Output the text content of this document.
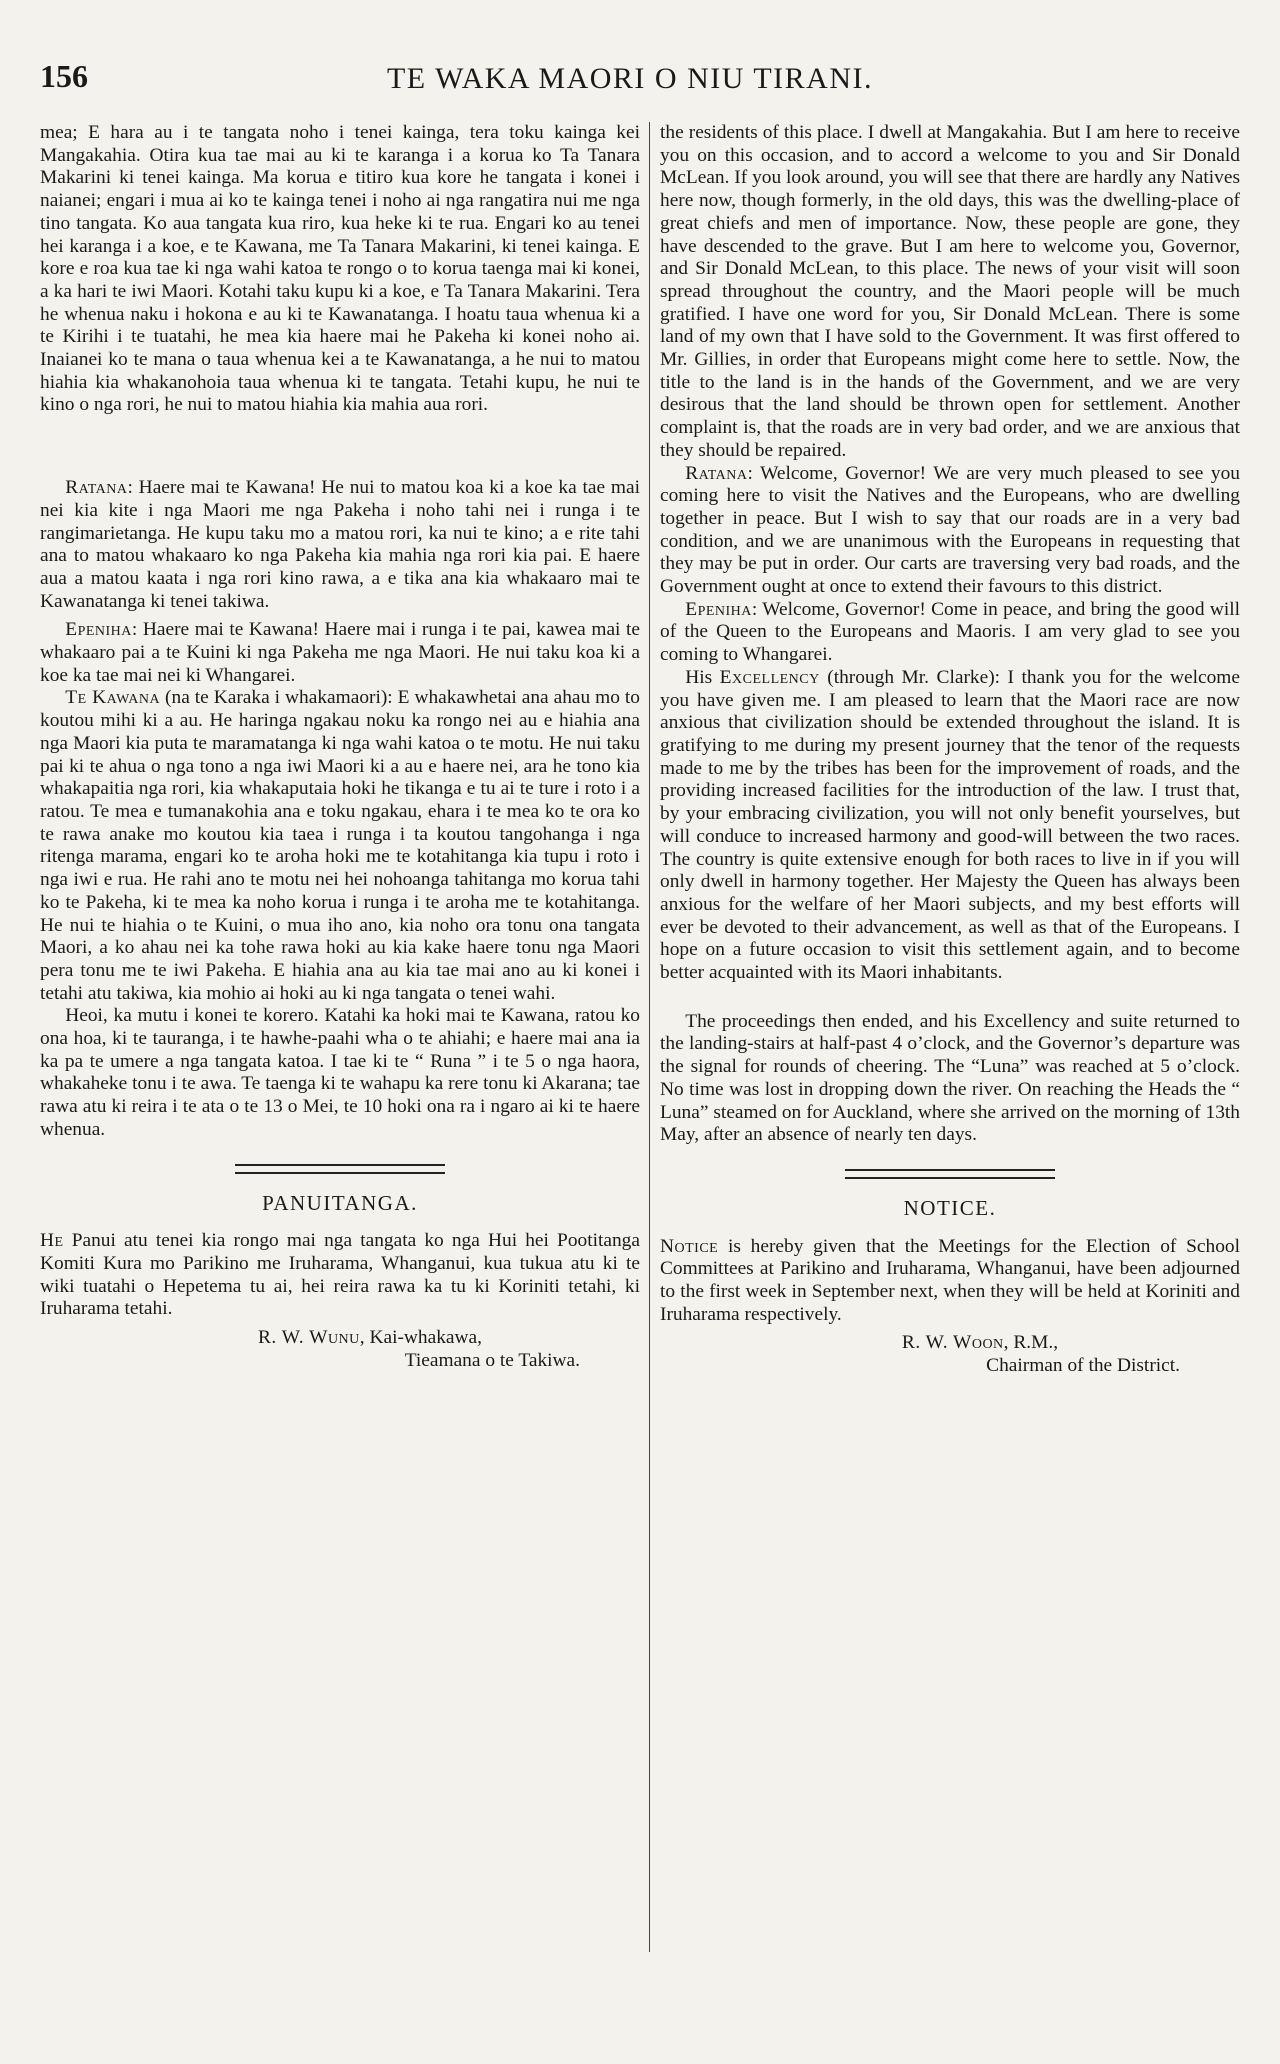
156	TE WAKA MAORI O NIU TIRANI.

mea; E hara au i te tangata noho i tenei kainga, tera toku kainga kei Mangakahia. Otira kua tae mai au ki te karanga i a korua ko Ta Tanara Makarini ki tenei kainga. Ma korua e titiro kua kore he tangata i konei i naianei; engari i mua ai ko te kainga tenei i noho ai nga rangatira nui me nga tino tangata. Ko aua tangata kua riro, kua heke ki te rua. Engari ko au tenei hei karanga i a koe, e te Kawana, me Ta Tanara Makarini, ki tenei kainga. E kore e roa kua tae ki nga wahi katoa te rongo o to korua taenga mai ki konei, a ka hari te iwi Maori. Kotahi taku kupu ki a koe, e Ta Tanara Makarini. Tera he whenua naku i hokona e au ki te Kawanatanga. I hoatu taua whenua ki a te Kirihi i te tuatahi, he mea kia haere mai he Pakeha ki konei noho ai. Inaianei ko te mana o taua whenua kei a te Kawanatanga, a he nui to matou hiahia kia whakanohoia taua whenua ki te tangata. Tetahi kupu, he nui te kino o nga rori, he nui to matou hiahia kia mahia aua rori.

Ratana: Haere mai te Kawana! He nui to matou koa ki a koe ka tae mai nei kia kite i nga Maori me nga Pakeha i noho tahi nei i runga i te rangimarietanga. He kupu taku mo a matou rori, ka nui te kino; a e rite tahi ana to matou whakaaro ko nga Pakeha kia mahia nga rori kia pai. E haere aua a matou kaata i nga rori kino rawa, a e tika ana kia whakaaro mai te Kawanatanga ki tenei takiwa.

Epeniha: Haere mai te Kawana! Haere mai i runga i te pai, kawea mai te whakaaro pai a te Kuini ki nga Pakeha me nga Maori. He nui taku koa ki a koe ka tae mai nei ki Whangarei.

Te Kawana (na te Karaka i whakamaori): E whakawhetai ana ahau mo to koutou mihi ki a au. He haringa ngakau noku ka rongo nei au e hiahia ana nga Maori kia puta te maramatanga ki nga wahi katoa o te motu. He nui taku pai ki te ahua o nga tono a nga iwi Maori ki a au e haere nei, ara he tono kia whakapaitia nga rori, kia whakaputaia hoki he tikanga e tu ai te ture i roto i a ratou. Te mea e tumanakohia ana e toku ngakau, ehara i te mea ko te ora ko te rawa anake mo koutou kia taea i runga i ta koutou tangohanga i nga ritenga marama, engari ko te aroha hoki me te kotahitanga kia tupu i roto i nga iwi e rua. He rahi ano te motu nei hei nohoanga tahitanga mo korua tahi ko te Pakeha, ki te mea ka noho korua i runga i te aroha me te kotahitanga. He nui te hiahia o te Kuini, o mua iho ano, kia noho ora tonu ona tangata Maori, a ko ahau nei ka tohe rawa hoki au kia kake haere tonu nga Maori pera tonu me te iwi Pakeha. E hiahia ana au kia tae mai ano au ki konei i tetahi atu takiwa, kia mohio ai hoki au ki nga tangata o tenei wahi.

Heoi, ka mutu i konei te korero. Katahi ka hoki mai te Kawana, ratou ko ona hoa, ki te tauranga, i te hawhe-paahi wha o te ahiahi; e haere mai ana ia ka pa te umere a nga tangata katoa. I tae ki te “ Runa ” i te 5 o nga haora, whakaheke tonu i te awa. Te taenga ki te wahapu ka rere tonu ki Akarana; tae rawa atu ki reira i te ata o te 13 o Mei, te 10 hoki ona ra i ngaro ai ki te haere whenua.

PANUITANGA.

He Panui atu tenei kia rongo mai nga tangata ko nga Hui hei Pootitanga Komiti Kura mo Parikino me Iruharama, Whanganui, kua tukua atu ki te wiki tuatahi o Hepetema tu ai, hei reira rawa ka tu ki Koriniti tetahi, ki Iruharama tetahi.

R. W. Wunu, Kai-whakawa,

Tieamana o te Takiwa.

the residents of this place. I dwell at Mangakahia. But I am here to receive you on this occasion, and to accord a welcome to you and Sir Donald McLean. If you look around, you will see that there are hardly any Natives here now, though formerly, in the old days, this was the dwelling-place of great chiefs and men of importance. Now, these people are gone, they have descended to the grave. But I am here to welcome you, Governor, and Sir Donald McLean, to this place. The news of your visit will soon spread throughout the country, and the Maori people will be much gratified. I have one word for you, Sir Donald McLean. There is some land of my own that I have sold to the Government. It was first offered to Mr. Gillies, in order that Europeans might come here to settle. Now, the title to the land is in the hands of the Government, and we are very desirous that the land should be thrown open for settlement. Another complaint is, that the roads are in very bad order, and we are anxious that they should be repaired.

Ratana: Welcome, Governor! We are very much pleased to see you coming here to visit the Natives and the Europeans, who are dwelling together in peace. But I wish to say that our roads are in a very bad condition, and we are unanimous with the Europeans in requesting that they may be put in order. Our carts are traversing very bad roads, and the Government ought at once to extend their favours to this district.

Epeniha: Welcome, Governor! Come in peace, and bring the good will of the Queen to the Europeans and Maoris. I am very glad to see you coming to Whangarei.

His Excellency (through Mr. Clarke): I thank you for the welcome you have given me. I am pleased to learn that the Maori race are now anxious that civilization should be extended throughout the island. It is gratifying to me during my present journey that the tenor of the requests made to me by the tribes has been for the improvement of roads, and the providing increased facilities for the introduction of the law. I trust that, by your embracing civilization, you will not only benefit yourselves, but will conduce to increased harmony and good-will between the two races. The country is quite extensive enough for both races to live in if you will only dwell in harmony together. Her Majesty the Queen has always been anxious for the welfare of her Maori subjects, and my best efforts will ever be devoted to their advancement, as well as that of the Europeans. I hope on a future occasion to visit this settlement again, and to become better acquainted with its Maori inhabitants.

The proceedings then ended, and his Excellency and suite returned to the landing-stairs at half-past 4 o’clock, and the Governor’s departure was the signal for rounds of cheering. The “Luna” was reached at 5 o’clock. No time was lost in dropping down the river. On reaching the Heads the “ Luna” steamed on for Auckland, where she arrived on the morning of 13th May, after an absence of nearly ten days.

NOTICE.

Notice is hereby given that the Meetings for the Election of School Committees at Parikino and Iruharama, Whanganui, have been adjourned to the first week in September next, when they will be held at Koriniti and Iruharama respectively.

R. W. Woon, R.M.,

Chairman of the District.
